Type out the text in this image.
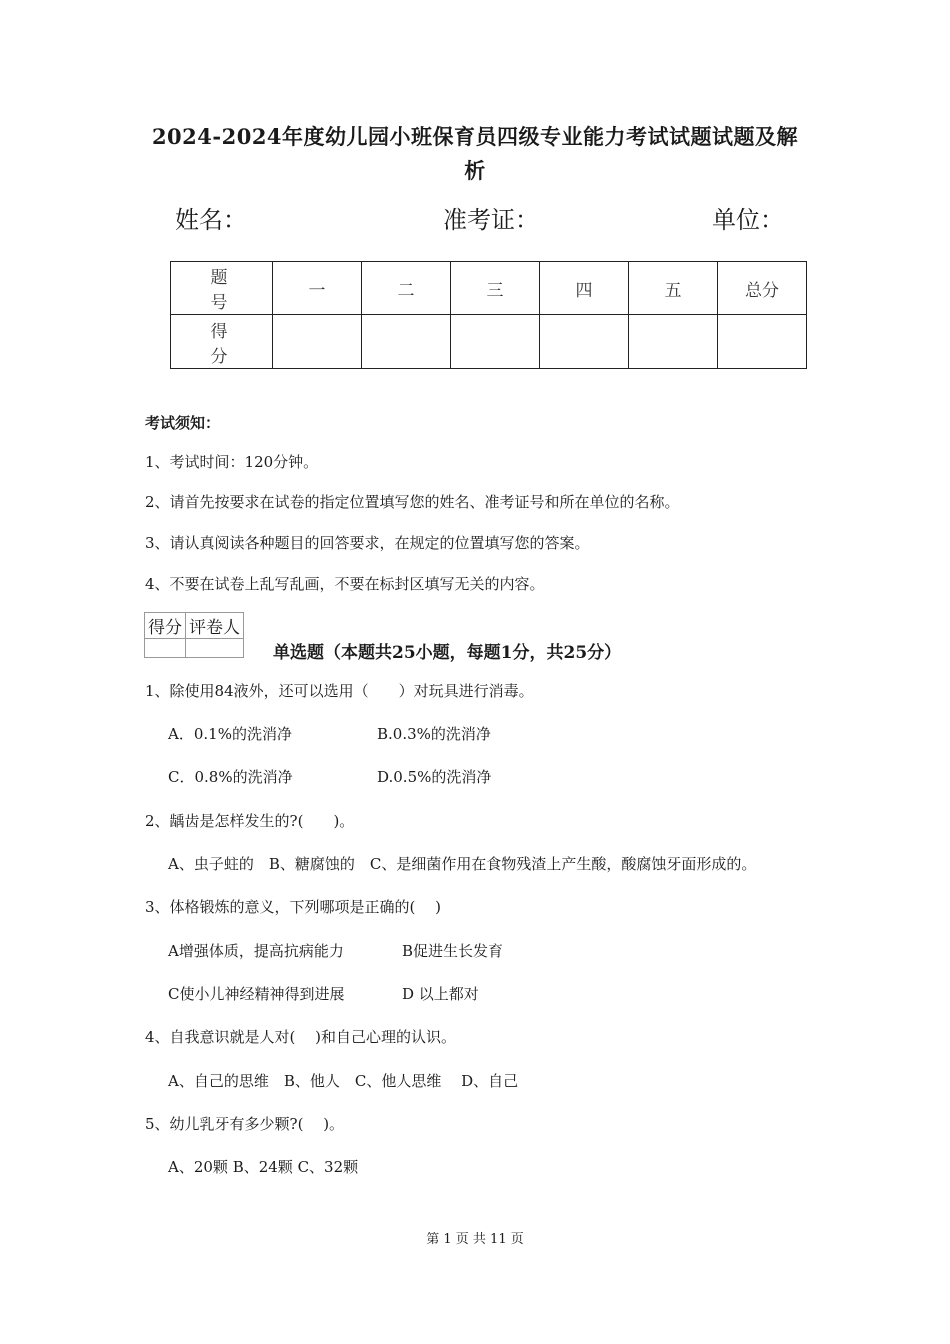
2024-2024年度幼儿园小班保育员四级专业能力考试试题试题及解
析
姓名：	准考证：	单位：
题 号	一	二	三	四	五	总分
得 分						
考试须知：
1、考试时间：120分钟。
2、请首先按要求在试卷的指定位置填写您的姓名、准考证号和所在单位的名称。
3、请认真阅读各种题目的回答要求，在规定的位置填写您的答案。
4、不要在试卷上乱写乱画，不要在标封区填写无关的内容。
得分	评卷人

单选题（本题共25小题，每题1分，共25分）
1、除使用84液外，还可以选用（　　）对玩具进行消毒。
A．0.1%的洗消净	B.0.3%的洗消净
C．0.8%的洗消净	D.0.5%的洗消净
2、龋齿是怎样发生的?(　　)。
A、虫子蛀的　B、糖腐蚀的　C、是细菌作用在食物残渣上产生酸，酸腐蚀牙面形成的。
3、体格锻炼的意义，下列哪项是正确的(　 )
A增强体质，提高抗病能力	B促进生长发育
C使小儿神经精神得到进展	D 以上都对
4、自我意识就是人对(　 )和自己心理的认识。
A、自己的思维　B、他人　C、他人思维　 D、自己
5、幼儿乳牙有多少颗?(　 )。
A、20颗 B、24颗 C、32颗
第 1 页 共 11 页
